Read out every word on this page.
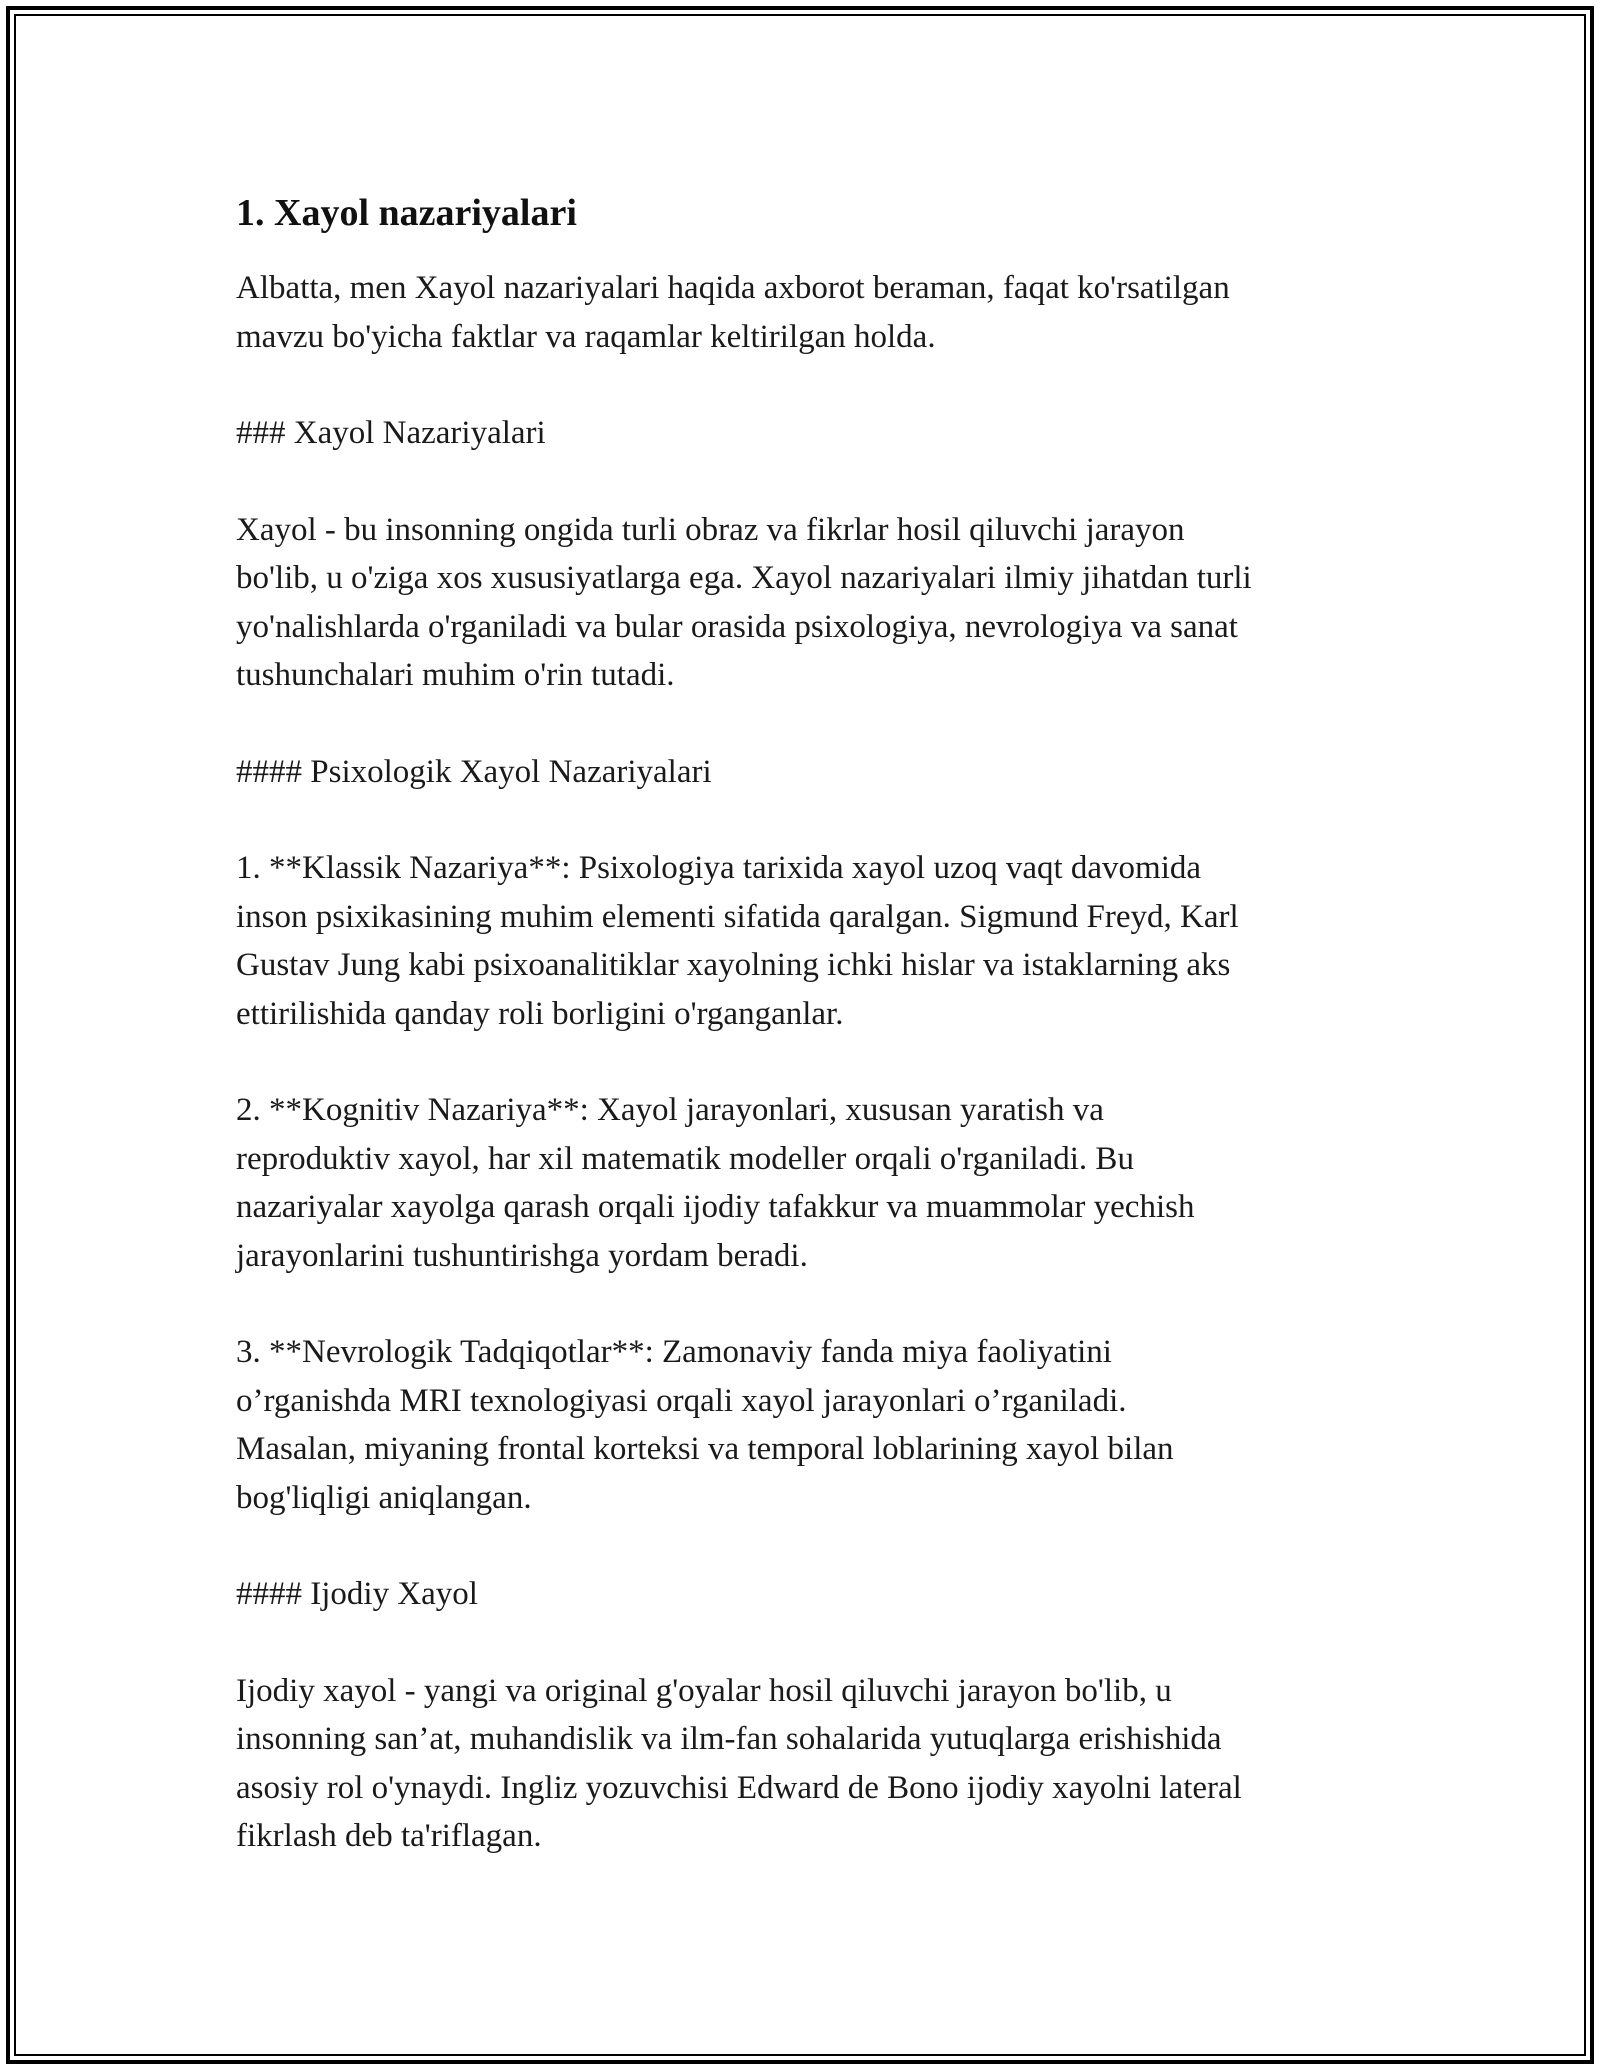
1. Xayol nazariyalari

Albatta, men Xayol nazariyalari haqida axborot beraman, faqat ko'rsatilgan
mavzu bo'yicha faktlar va raqamlar keltirilgan holda.

### Xayol Nazariyalari

Xayol - bu insonning ongida turli obraz va fikrlar hosil qiluvchi jarayon
bo'lib, u o'ziga xos xususiyatlarga ega. Xayol nazariyalari ilmiy jihatdan turli
yo'nalishlarda o'rganiladi va bular orasida psixologiya, nevrologiya va sanat
tushunchalari muhim o'rin tutadi.

#### Psixologik Xayol Nazariyalari

1. **Klassik Nazariya**: Psixologiya tarixida xayol uzoq vaqt davomida
inson psixikasining muhim elementi sifatida qaralgan. Sigmund Freyd, Karl
Gustav Jung kabi psixoanalitiklar xayolning ichki hislar va istaklarning aks
ettirilishida qanday roli borligini o'rganganlar.

2. **Kognitiv Nazariya**: Xayol jarayonlari, xususan yaratish va
reproduktiv xayol, har xil matematik modeller orqali o'rganiladi. Bu
nazariyalar xayolga qarash orqali ijodiy tafakkur va muammolar yechish
jarayonlarini tushuntirishga yordam beradi.

3. **Nevrologik Tadqiqotlar**: Zamonaviy fanda miya faoliyatini
o’rganishda MRI texnologiyasi orqali xayol jarayonlari o’rganiladi.
Masalan, miyaning frontal korteksi va temporal loblarining xayol bilan
bog'liqligi aniqlangan.

#### Ijodiy Xayol

Ijodiy xayol - yangi va original g'oyalar hosil qiluvchi jarayon bo'lib, u
insonning san’at, muhandislik va ilm-fan sohalarida yutuqlarga erishishida
asosiy rol o'ynaydi. Ingliz yozuvchisi Edward de Bono ijodiy xayolni lateral
fikrlash deb ta'riflagan.
